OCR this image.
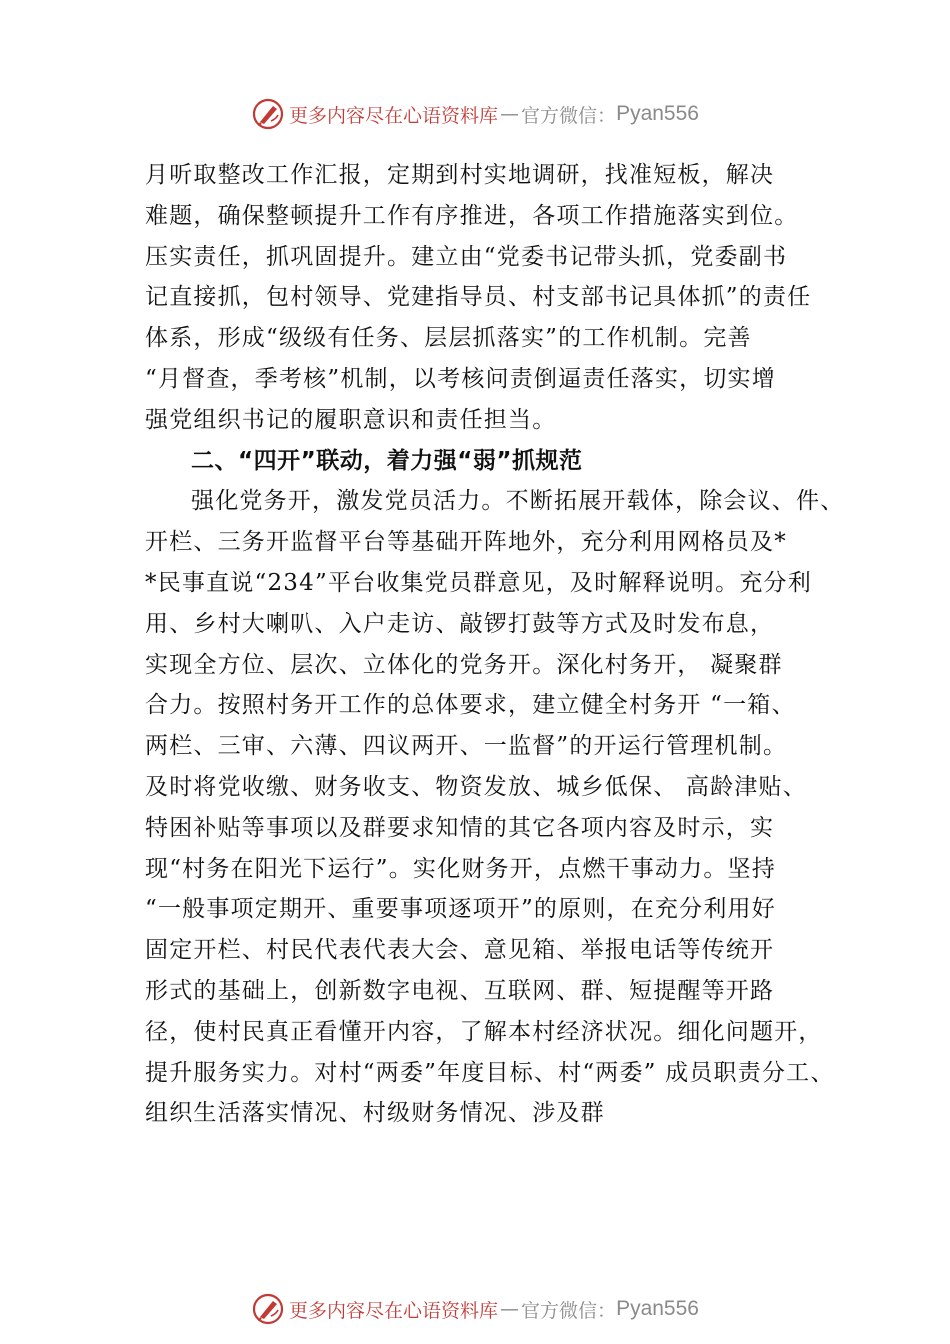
更多内容尽在心语资料库 — 官方微信： Pyan556
月听取整改工作汇报，定期到村实地调研，找准短板，解决
难题，确保整顿提升工作有序推进，各项工作措施落实到位。
压实责任，抓巩固提升。建立由“党委书记带头抓，党委副书
记直接抓，包村领导、党建指导员、村支部书记具体抓”的责任
体系，形成“级级有任务、层层抓落实”的工作机制。完善
“月督查，季考核”机制，以考核问责倒逼责任落实，切实增
强党组织书记的履职意识和责任担当。
二、“四开”联动，着力强“弱”抓规范
强化党务开，激发党员活力。不断拓展开载体，除会议、件、
开栏、三务开监督平台等基础开阵地外，充分利用网格员及*
*民事直说“234”平台收集党员群意见，及时解释说明。充分利
用、乡村大喇叭、入户走访、敲锣打鼓等方式及时发布息，
实现全方位、层次、立体化的党务开。深化村务开， 凝聚群
合力。按照村务开工作的总体要求，建立健全村务开 “一箱、
两栏、三审、六薄、四议两开、一监督”的开运行管理机制。
及时将党收缴、财务收支、物资发放、城乡低保、 高龄津贴、
特困补贴等事项以及群要求知情的其它各项内容及时示，实
现“村务在阳光下运行”。实化财务开，点燃干事动力。坚持
“一般事项定期开、重要事项逐项开”的原则，在充分利用好
固定开栏、村民代表代表大会、意见箱、举报电话等传统开
形式的基础上，创新数字电视、互联网、群、短提醒等开路
径，使村民真正看懂开内容，了解本村经济状况。细化问题开，
提升服务实力。对村“两委”年度目标、村“两委” 成员职责分工、
组织生活落实情况、村级财务情况、涉及群
更多内容尽在心语资料库 — 官方微信： Pyan556
